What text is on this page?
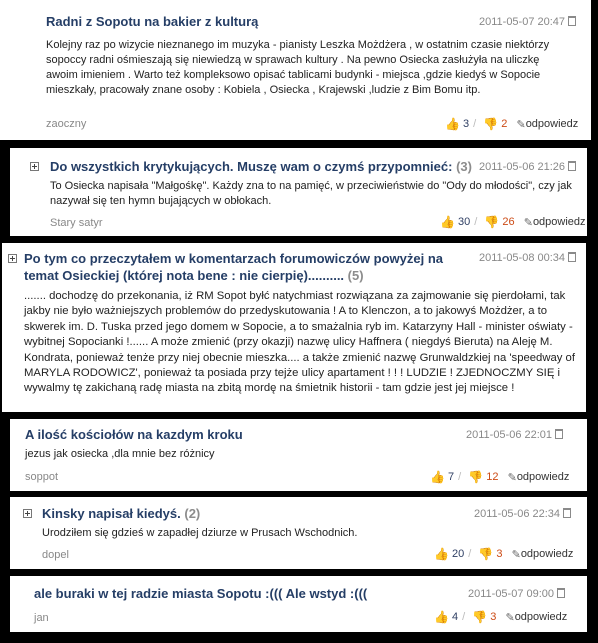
Radni z Sopotu na bakier z kulturą	2011-05-07 20:47
Kolejny raz po wizycie nieznanego im muzyka - pianisty Leszka Możdżera , w ostatnim czasie niektórzy sopoccy radni ośmieszają się niewiedzą w sprawach kultury . Na pewno Osiecka zasłużyła na uliczkę awoim imieniem . Warto też kompleksowo opisać tablicami budynki - miejsca ,gdzie kiedyś w Sopocie mieszkały, pracowały znane osoby : Kobiela , Osiecka , Krajewski ,ludzie z Bim Bomu itp.
zaoczny	👍 3 / 👎 2 ✎odpowiedz
Do wszystkich krytykujących. Muszę wam o czymś przypomnieć: (3) 2011-05-06 21:26
To Osiecka napisała "Małgośkę". Każdy zna to na pamięć, w przeciwieństwie do "Ody do młodości", czy jak nazywał się ten hymn bujających w obłokach.
Stary satyr	👍 30 / 👎 26 ✎odpowiedz
Po tym co przeczytałem w komentarzach forumowiczów powyżej na temat Osieckiej (której nota bene : nie cierpię).......... (5)
2011-05-08 00:34
....... dochodzę do przekonania, iż RM Sopot byłć natychmiast rozwiązana za zajmowanie się pierdołami, tak jakby nie było ważniejszych problemów do przedyskutowania ! A to Klenczon, a to jakowyś Możdżer, a to skwerek im. D. Tuska przed jego domem w Sopocie, a to smażalnia ryb im. Katarzyny Hall - minister oświaty - wybitnej Sopocianki !...... A może zmienić (przy okazji) nazwę ulicy Haffnera ( niegdyś Bieruta) na Aleję M. Kondrata, ponieważ tenże przy niej obecnie mieszka.... a także zmienić nazwę Grunwaldzkiej na 'speedway of MARYLA RODOWICZ', ponieważ ta posiada przy tejże ulicy apartament ! ! ! LUDZIE ! ZJEDNOCZMY SIĘ i wywalmy tę zakichaną radę miasta na zbitą mordę na śmietnik historii - tam gdzie jest jej miejsce !
A ilość kościołów na kazdym kroku	2011-05-06 22:01
jezus jak osiecka ,dla mnie bez różnicy
soppot	👍 7 / 👎 12 ✎odpowiedz
Kinsky napisał kiedyś. (2)	2011-05-06 22:34
Urodziłem się gdzieś w zapadłej dziurze w Prusach Wschodnich.
dopel	👍 20 / 👎 3 ✎odpowiedz
ale buraki w tej radzie miasta Sopotu :((( Ale wstyd :(((	2011-05-07 09:00
jan	👍 4 / 👎 3 ✎odpowiedz
